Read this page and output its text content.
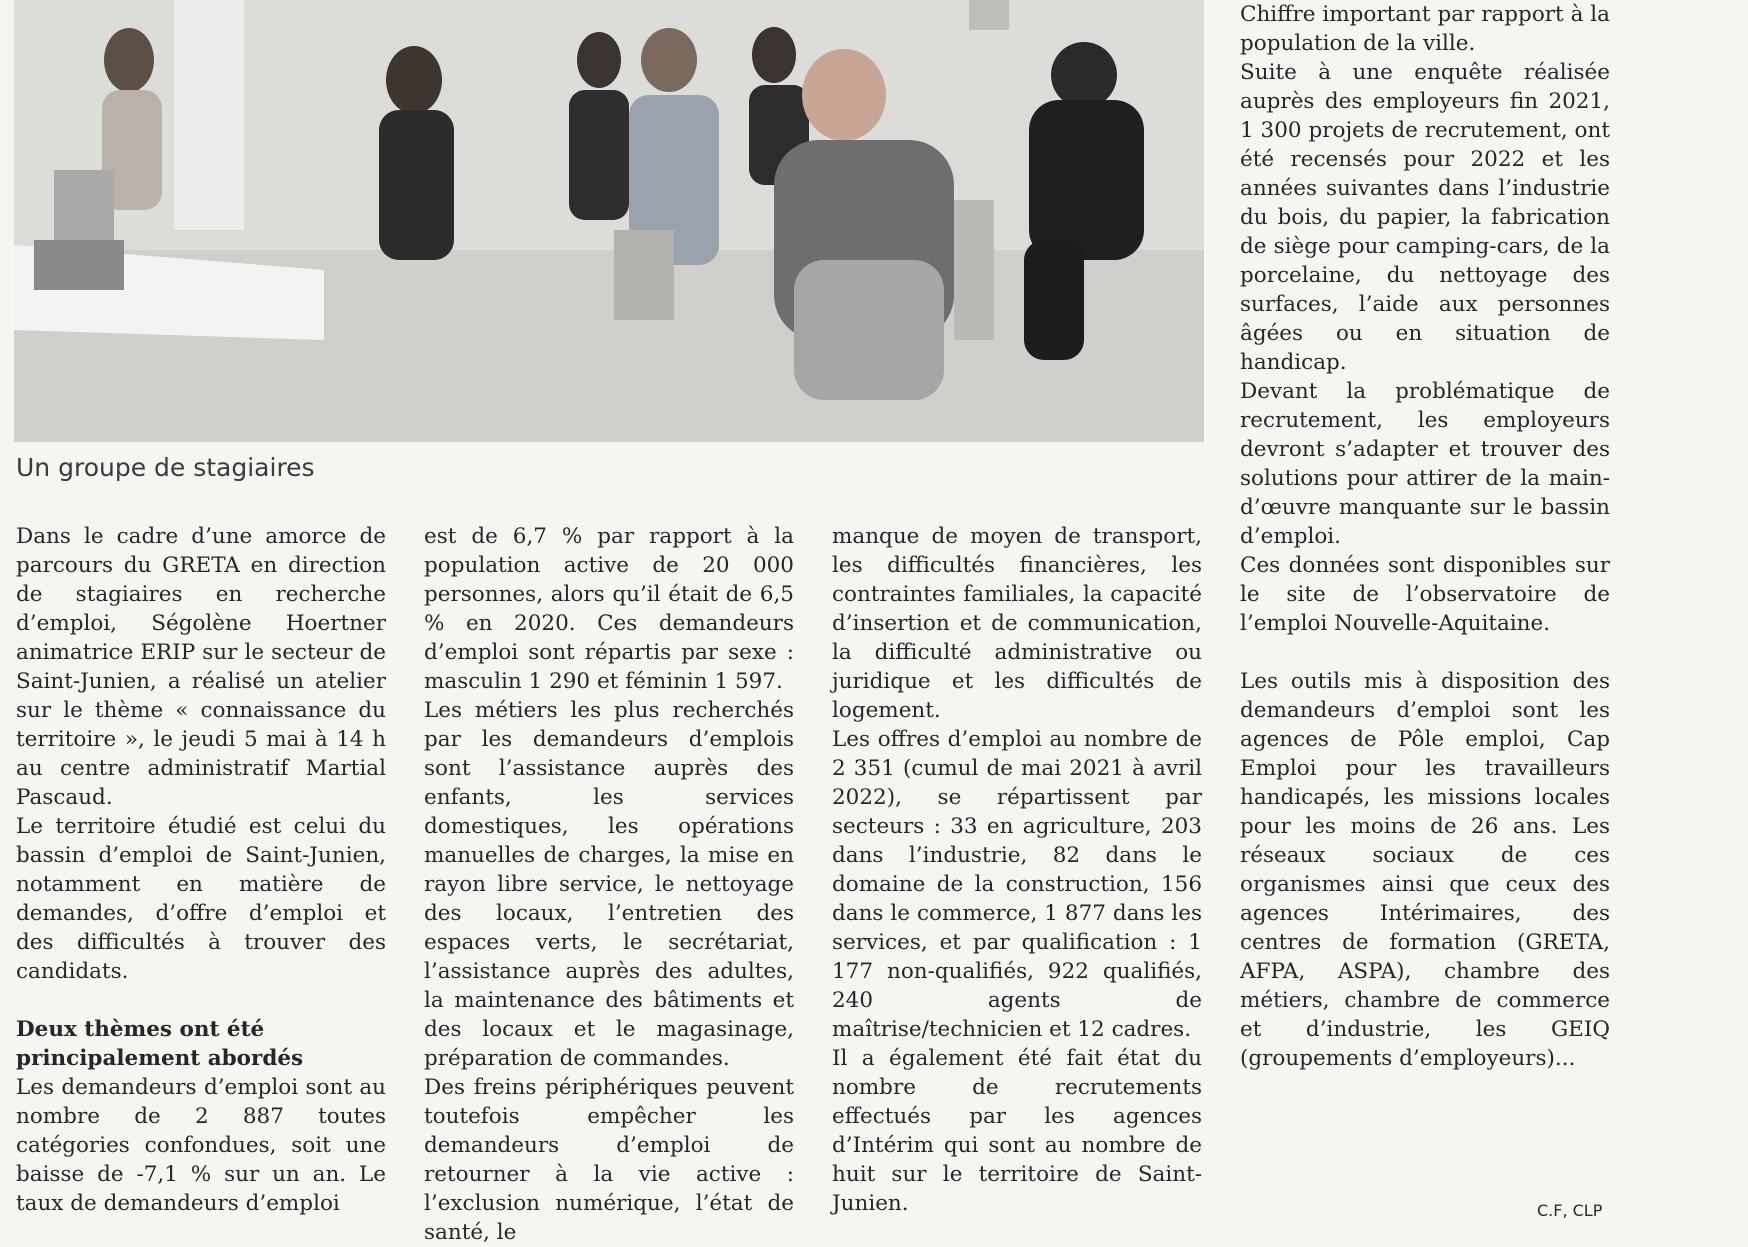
Un groupe de stagiaires

Dans le cadre d’une amorce de parcours du GRETA en direction de stagiaires en recherche d’emploi, Ségolène Hoertner animatrice ERIP sur le secteur de Saint-Junien, a réalisé un atelier sur le thème « connaissance du territoire », le jeudi 5 mai à 14 h au centre administratif Martial Pascaud.

Le territoire étudié est celui du bassin d’emploi de Saint-Junien, notamment en matière de demandes, d’offre d’emploi et des difficultés à trouver des candidats.

Deux thèmes ont été principalement abordés

Les demandeurs d’emploi sont au nombre de 2 887 toutes catégories confondues, soit une baisse de -7,1 % sur un an. Le taux de demandeurs d’emploi

est de 6,7 % par rapport à la population active de 20 000 personnes, alors qu’il était de 6,5 % en 2020. Ces demandeurs d’emploi sont répartis par sexe : masculin 1 290 et féminin 1 597.

Les métiers les plus recherchés par les demandeurs d’emplois sont l’assistance auprès des enfants, les services domestiques, les opérations manuelles de charges, la mise en rayon libre service, le nettoyage des locaux, l’entretien des espaces verts, le secrétariat, l’assistance auprès des adultes, la maintenance des bâtiments et des locaux et le magasinage, préparation de commandes.

Des freins périphériques peuvent toutefois empêcher les demandeurs d’emploi de retourner à la vie active : l’exclusion numérique, l’état de santé, le

manque de moyen de transport, les difficultés financières, les contraintes familiales, la capacité d’insertion et de communication, la difficulté administrative ou juridique et les difficultés de logement.

Les offres d’emploi au nombre de 2 351 (cumul de mai 2021 à avril 2022), se répartissent par secteurs : 33 en agriculture, 203 dans l’industrie, 82 dans le domaine de la construction, 156 dans le commerce, 1 877 dans les services, et par qualification : 1 177 non-qualifiés, 922 qualifiés, 240 agents de maîtrise/technicien et 12 cadres.

Il a également été fait état du nombre de recrutements effectués par les agences d’Intérim qui sont au nombre de huit sur le territoire de Saint-Junien.

Chiffre important par rapport à la population de la ville.

Suite à une enquête réalisée auprès des employeurs fin 2021, 1 300 projets de recrutement, ont été recensés pour 2022 et les années suivantes dans l’industrie du bois, du papier, la fabrication de siège pour camping-cars, de la porcelaine, du nettoyage des surfaces, l’aide aux personnes âgées ou en situation de handicap.

Devant la problématique de recrutement, les employeurs devront s’adapter et trouver des solutions pour attirer de la main-d’œuvre manquante sur le bassin d’emploi.

Ces données sont disponibles sur le site de l’observatoire de l’emploi Nouvelle-Aquitaine.

Les outils mis à disposition des demandeurs d’emploi sont les agences de Pôle emploi, Cap Emploi pour les travailleurs handicapés, les missions locales pour les moins de 26 ans. Les réseaux sociaux de ces organismes ainsi que ceux des agences Intérimaires, des centres de formation (GRETA, AFPA, ASPA), chambre des métiers, chambre de commerce et d’industrie, les GEIQ (groupements d’employeurs)...

C.F, CLP
